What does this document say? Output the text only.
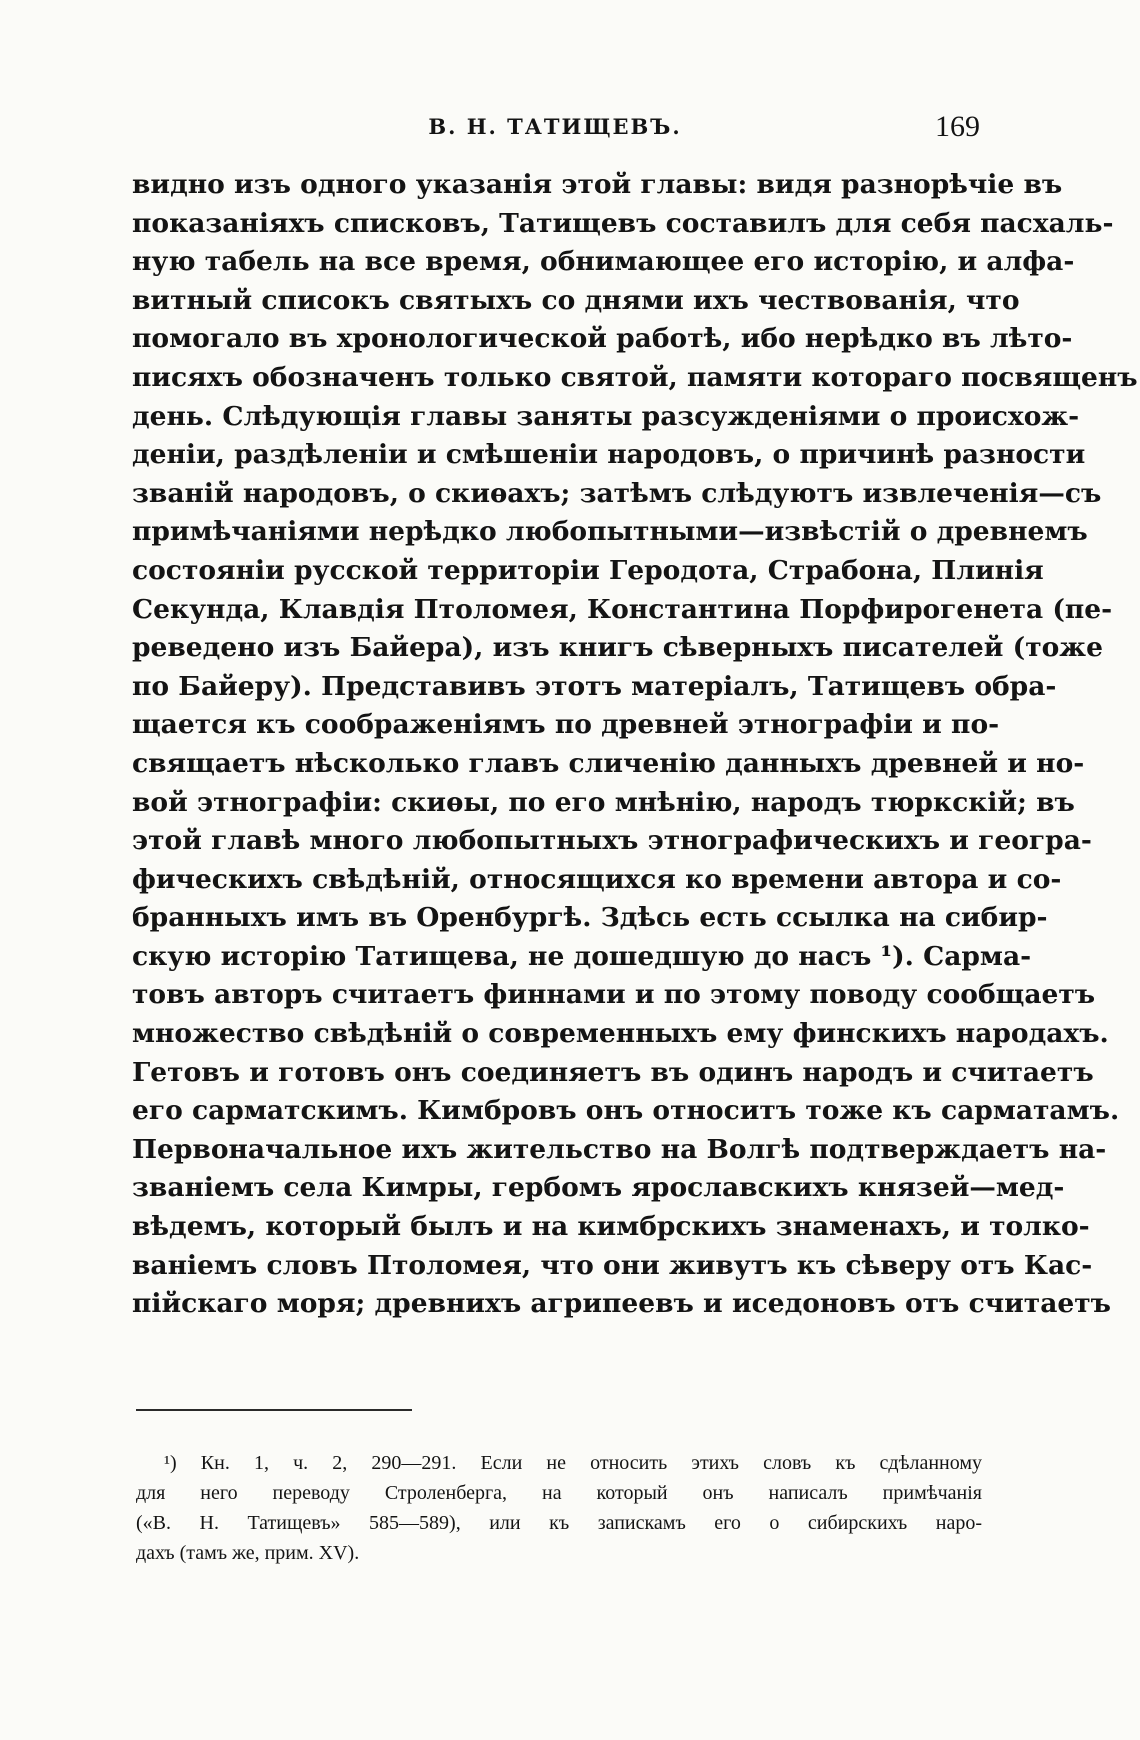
В. Н. ТАТИЩЕВЪ.	169
видно изъ одного указанія этой главы: видя разнорѣчіе въ
показаніяхъ списковъ, Татищевъ составилъ для себя пасхаль-
ную табель на все время, обнимающее его исторію, и алфа-
витный списокъ святыхъ со днями ихъ чествованія, что
помогало въ хронологической работѣ, ибо нерѣдко въ лѣто-
писяхъ обозначенъ только святой, памяти котораго посвященъ
день. Слѣдующія главы заняты разсужденіями о происхож-
деніи, раздѣленіи и смѣшеніи народовъ, о причинѣ разности
званій народовъ, о скиѳахъ; затѣмъ слѣдуютъ извлеченія—съ
примѣчаніями нерѣдко любопытными—извѣстій о древнемъ
состояніи русской территоріи Геродота, Страбона, Плинія
Секунда, Клавдія Птоломея, Константина Порфирогенета (пе-
реведено изъ Байера), изъ книгъ сѣверныхъ писателей (тоже
по Байеру). Представивъ этотъ матеріалъ, Татищевъ обра-
щается къ соображеніямъ по древней этнографіи и по-
свящаетъ нѣсколько главъ сличенію данныхъ древней и но-
вой этнографіи: скиѳы, по его мнѣнію, народъ тюркскій; въ
этой главѣ много любопытныхъ этнографическихъ и геогра-
фическихъ свѣдѣній, относящихся ко времени автора и со-
бранныхъ имъ въ Оренбургѣ. Здѣсь есть ссылка на сибир-
скую исторію Татищева, не дошедшую до насъ ¹). Сарма-
товъ авторъ считаетъ финнами и по этому поводу сообщаетъ
множество свѣдѣній о современныхъ ему финскихъ народахъ.
Гетовъ и готовъ онъ соединяетъ въ одинъ народъ и считаетъ
его сарматскимъ. Кимбровъ онъ относитъ тоже къ сарматамъ.
Первоначальное ихъ жительство на Волгѣ подтверждаетъ на-
званіемъ села Кимры, гербомъ ярославскихъ князей—мед-
вѣдемъ, который былъ и на кимбрскихъ знаменахъ, и толко-
ваніемъ словъ Птоломея, что они живутъ къ сѣверу отъ Кас-
пійскаго моря; древнихъ агрипеевъ и иседоновъ отъ считаетъ
¹) Кн. 1, ч. 2, 290—291. Если не относить этихъ словъ къ сдѣланному
для него переводу Строленберга, на который онъ написалъ примѣчанія
(«В. Н. Татищевъ» 585—589), или къ запискамъ его о сибирскихъ наро-
дахъ (тамъ же, прим. XV).
